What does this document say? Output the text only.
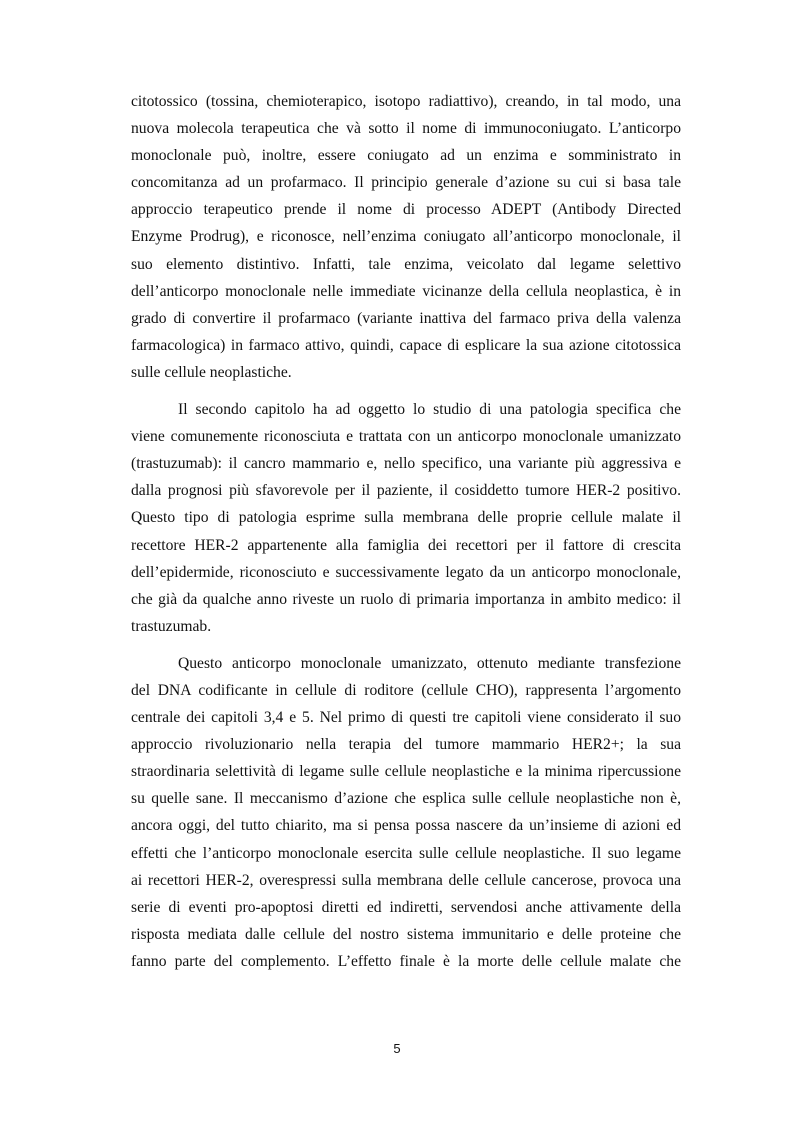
citotossico (tossina, chemioterapico, isotopo radiattivo), creando, in tal modo, una
nuova molecola terapeutica che và sotto il nome di immunoconiugato. L’anticorpo
monoclonale può, inoltre, essere coniugato ad un enzima e somministrato in
concomitanza ad un profarmaco. Il principio generale d’azione su cui si basa tale
approccio terapeutico prende il nome di processo ADEPT (Antibody Directed
Enzyme Prodrug), e riconosce, nell’enzima coniugato all’anticorpo monoclonale, il
suo elemento distintivo. Infatti, tale enzima, veicolato dal legame selettivo
dell’anticorpo monoclonale nelle immediate vicinanze della cellula neoplastica, è in
grado di convertire il profarmaco (variante inattiva del farmaco priva della valenza
farmacologica) in farmaco attivo, quindi, capace di esplicare la sua azione citotossica
sulle cellule neoplastiche.
Il secondo capitolo ha ad oggetto lo studio di una patologia specifica che
viene comunemente riconosciuta e trattata con un anticorpo monoclonale umanizzato
(trastuzumab): il cancro mammario e, nello specifico, una variante più aggressiva e
dalla prognosi più sfavorevole per il paziente, il cosiddetto tumore HER-2 positivo.
Questo tipo di patologia esprime sulla membrana delle proprie cellule malate il
recettore HER-2 appartenente alla famiglia dei recettori per il fattore di crescita
dell’epidermide, riconosciuto e successivamente legato da un anticorpo monoclonale,
che già da qualche anno riveste un ruolo di primaria importanza in ambito medico: il
trastuzumab.
Questo anticorpo monoclonale umanizzato, ottenuto mediante transfezione
del DNA codificante in cellule di roditore (cellule CHO), rappresenta l’argomento
centrale dei capitoli 3,4 e 5. Nel primo di questi tre capitoli viene considerato il suo
approccio rivoluzionario nella terapia del tumore mammario HER2+; la sua
straordinaria selettività di legame sulle cellule neoplastiche e la minima ripercussione
su quelle sane. Il meccanismo d’azione che esplica sulle cellule neoplastiche non è,
ancora oggi, del tutto chiarito, ma si pensa possa nascere da un’insieme di azioni ed
effetti che l’anticorpo monoclonale esercita sulle cellule neoplastiche. Il suo legame
ai recettori HER-2, overespressi sulla membrana delle cellule cancerose, provoca una
serie di eventi pro-apoptosi diretti ed indiretti, servendosi anche attivamente della
risposta mediata dalle cellule del nostro sistema immunitario e delle proteine che
fanno parte del complemento. L’effetto finale è la morte delle cellule malate che
5
